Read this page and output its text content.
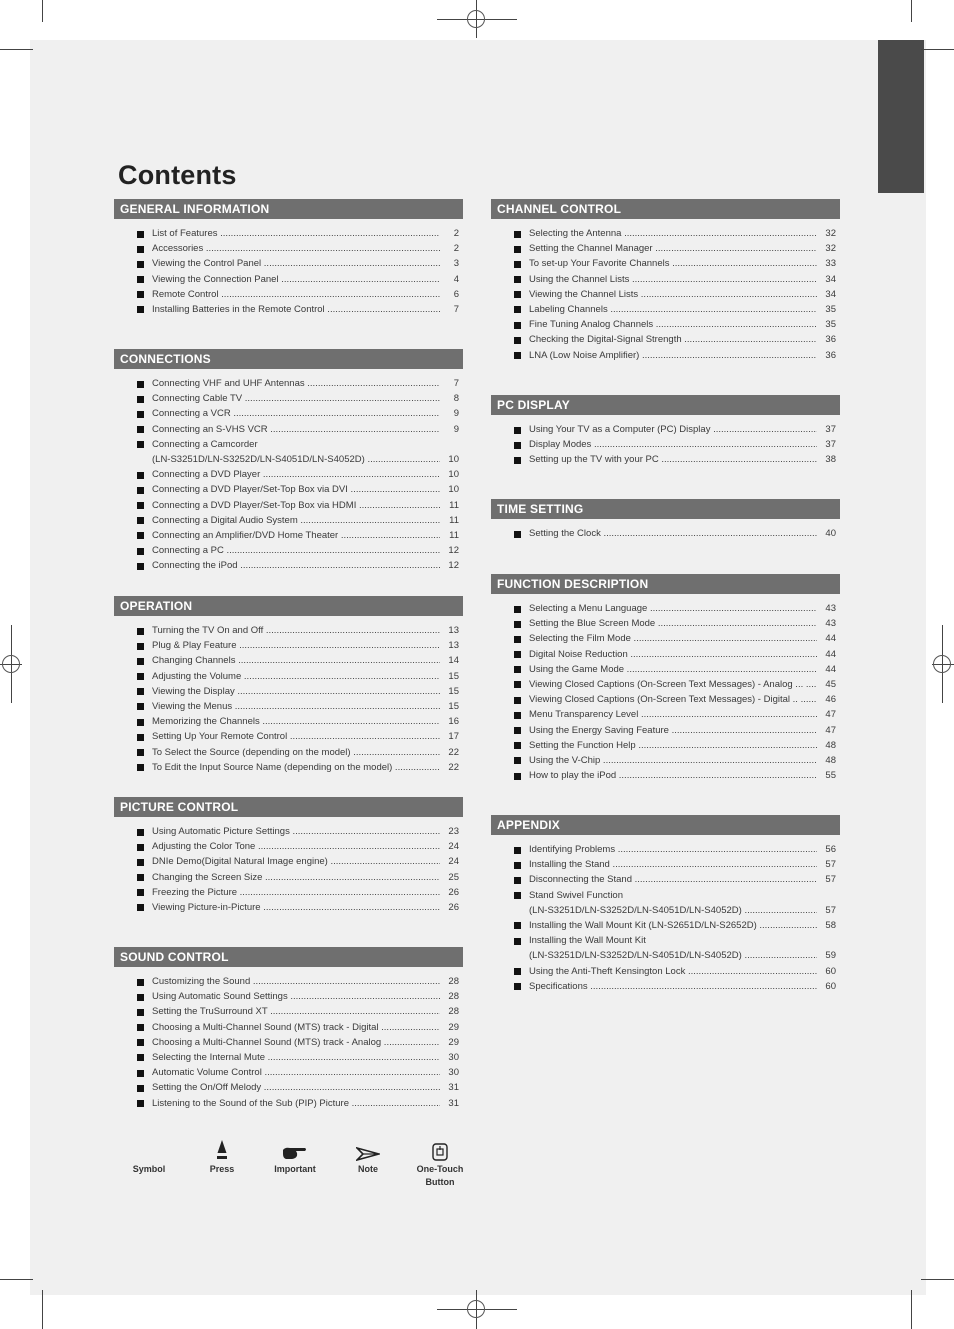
Contents
GENERAL INFORMATION
List of Features .....	2
Accessories .....	2
Viewing the Control Panel .....	3
Viewing the Connection Panel .....	4
Remote Control .....	6
Installing Batteries in the Remote Control .....	7
CONNECTIONS
Connecting VHF and UHF Antennas .....	7
Connecting Cable TV .....	8
Connecting a VCR .....	9
Connecting an S-VHS VCR .....	9
Connecting a Camcorder
(LN-S3251D/LN-S3252D/LN-S4051D/LN-S4052D) .....	10
Connecting a DVD Player .....	10
Connecting a DVD Player/Set-Top Box via DVI .....	10
Connecting a DVD Player/Set-Top Box via HDMI .....	11
Connecting a Digital Audio System .....	11
Connecting an Amplifier/DVD Home Theater .....	11
Connecting a PC .....	12
Connecting the iPod .....	12
OPERATION
Turning the TV On and Off .....	13
Plug & Play Feature .....	13
Changing Channels .....	14
Adjusting the Volume .....	15
Viewing the Display .....	15
Viewing the Menus .....	15
Memorizing the Channels .....	16
Setting Up Your Remote Control .....	17
To Select the Source (depending on the model) .....	22
To Edit the Input Source Name (depending on the model) .....	22
PICTURE CONTROL
Using Automatic Picture Settings .....	23
Adjusting the Color Tone .....	24
DNIe Demo(Digital Natural Image engine) .....	24
Changing the Screen Size .....	25
Freezing the Picture .....	26
Viewing Picture-in-Picture .....	26
SOUND CONTROL
Customizing the Sound .....	28
Using Automatic Sound Settings .....	28
Setting the TruSurround XT .....	28
Choosing a Multi-Channel Sound (MTS) track - Digital .....	29
Choosing a Multi-Channel Sound (MTS) track - Analog .....	29
Selecting the Internal Mute .....	30
Automatic Volume Control .....	30
Setting the On/Off Melody .....	31
Listening to the Sound of the Sub (PIP) Picture .....	31
CHANNEL CONTROL
Selecting the Antenna .....	32
Setting the Channel Manager .....	32
To set-up Your Favorite Channels .....	33
Using the Channel Lists .....	34
Viewing the Channel Lists .....	34
Labeling Channels .....	35
Fine Tuning Analog Channels .....	35
Checking the Digital-Signal Strength .....	36
LNA (Low Noise Amplifier) .....	36
PC DISPLAY
Using Your TV as a Computer (PC) Display .....	37
Display Modes .....	37
Setting up the TV with your PC .....	38
TIME SETTING
Setting the Clock .....	40
FUNCTION DESCRIPTION
Selecting a Menu Language .....	43
Setting the Blue Screen Mode .....	43
Selecting the Film Mode .....	44
Digital Noise Reduction .....	44
Using the Game Mode .....	44
Viewing Closed Captions (On-Screen Text Messages) - Analog ... .....	45
Viewing Closed Captions (On-Screen Text Messages) - Digital .. .....	46
Menu Transparency Level .....	47
Using the Energy Saving Feature .....	47
Setting the Function Help .....	48
Using the V-Chip .....	48
How to play the iPod .....	55
APPENDIX
Identifying Problems .....	56
Installing the Stand .....	57
Disconnecting the Stand .....	57
Stand Swivel Function
(LN-S3251D/LN-S3252D/LN-S4051D/LN-S4052D) .....	57
Installing the Wall Mount Kit (LN-S2651D/LN-S2652D) .....	58
Installing the Wall Mount Kit
(LN-S3251D/LN-S3252D/LN-S4051D/LN-S4052D) .....	59
Using the Anti-Theft Kensington Lock .....	60
Specifications .....	60
Symbol	Press	Important	Note	One-Touch
Button
